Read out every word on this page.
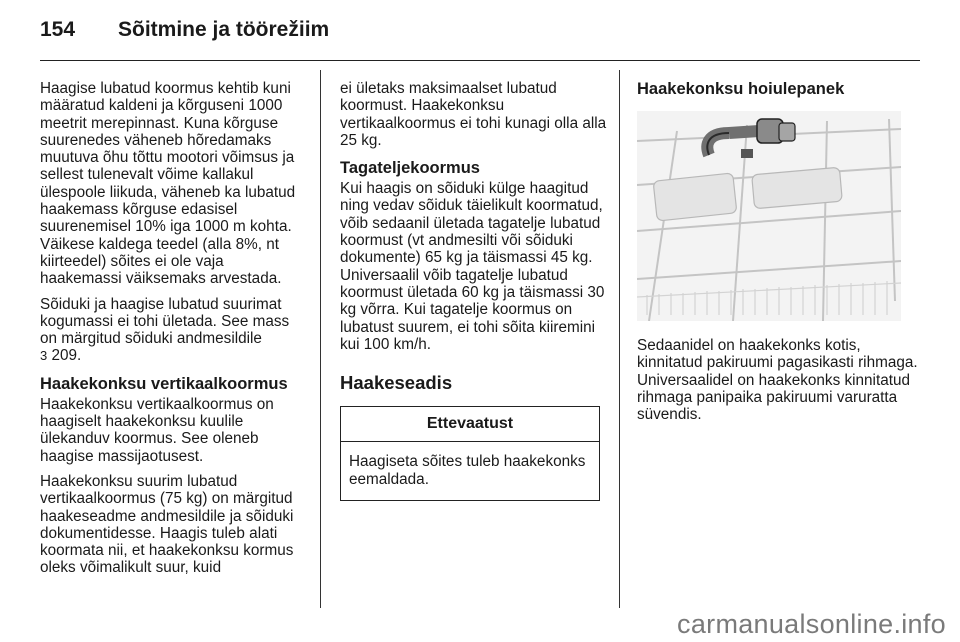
154	Sõitmine ja töörežiim

Haagise lubatud koormus kehtib kuni määratud kaldeni ja kõrguseni 1000 meetrit merepinnast. Kuna kõrguse suurenedes väheneb hõredamaks muutuva õhu tõttu mootori võimsus ja sellest tulenevalt võime kallakul ülespoole liikuda, väheneb ka lubatud haakemass kõrguse edasisel suurenemisel 10% iga 1000 m kohta. Väikese kaldega teedel (alla 8%, nt kiirteedel) sõites ei ole vaja haakemassi väiksemaks arvestada.

Sõiduki ja haagise lubatud suurimat kogumassi ei tohi ületada. See mass on märgitud sõiduki andmesildile
3 209.

Haakekonksu vertikaalkoormus

Haakekonksu vertikaalkoormus on haagiselt haakekonksu kuulile ülekanduv koormus. See oleneb haagise massijaotusest.

Haakekonksu suurim lubatud vertikaalkoormus (75 kg) on märgitud haakeseadme andmesildile ja sõiduki dokumentidesse. Haagis tuleb alati koormata nii, et haakekonksu kormus oleks võimalikult suur, kuid

ei ületaks maksimaalset lubatud koormust. Haakekonksu vertikaalkoormus ei tohi kunagi olla alla 25 kg.

Tagateljekoormus

Kui haagis on sõiduki külge haagitud ning vedav sõiduk täielikult koormatud, võib sedaanil ületada tagatelje lubatud koormust (vt andmesilti või sõiduki dokumente) 65 kg ja täismassi 45 kg. Universaalil võib tagatelje lubatud koormust ületada 60 kg ja täismassi 30 kg võrra. Kui tagatelje koormus on lubatust suurem, ei tohi sõita kiiremini kui 100 km/h.

Haakeseadis
Ettevaatust
Haagiseta sõites tuleb haakekonks eemaldada.
Haakekonksu hoiulepanek

Sedaanidel on haakekonks kotis, kinnitatud pakiruumi pagasikasti rihmaga. Universaalidel on haakekonks kinnitatud rihmaga panipaika pakiruumi varuratta süvendis.

carmanualsonline.info
